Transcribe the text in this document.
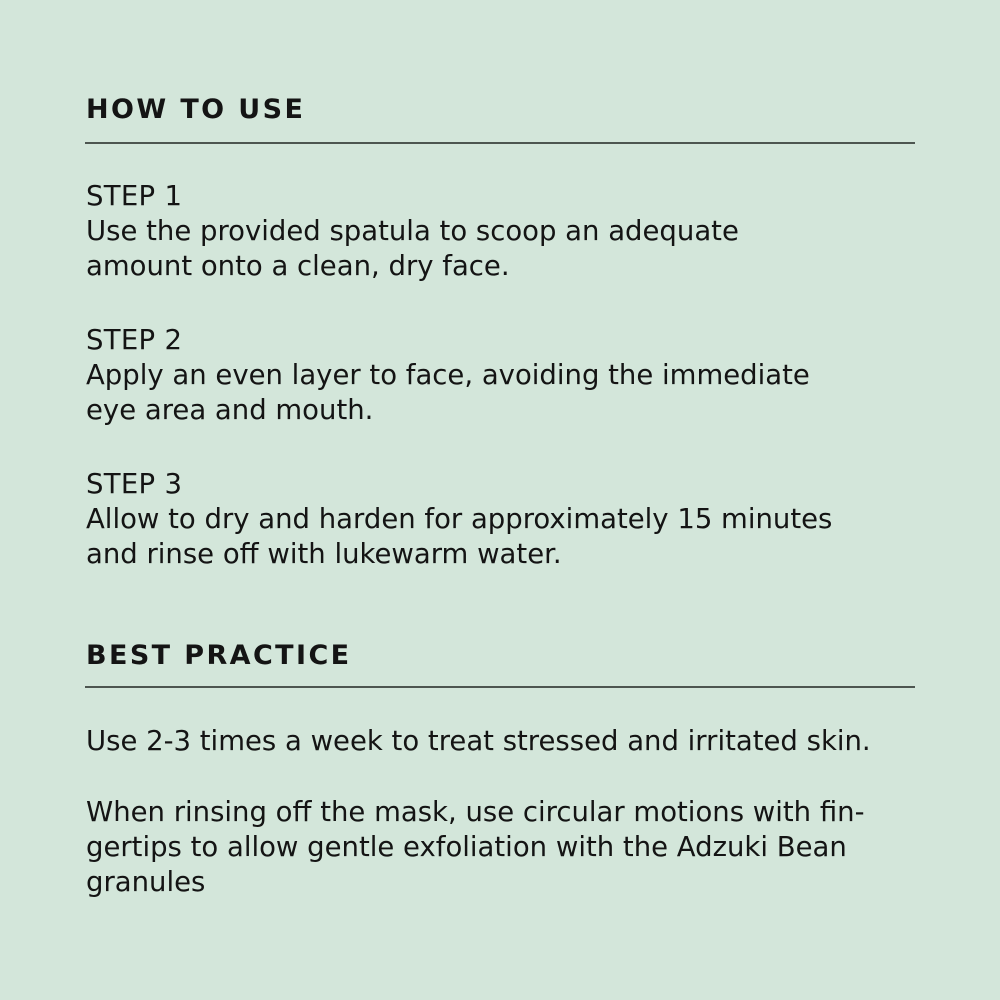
HOW TO USE
STEP 1
Use the provided spatula to scoop an adequate
amount onto a clean, dry face.
STEP 2
Apply an even layer to face, avoiding the immediate
eye area and mouth.
STEP 3
Allow to dry and harden for approximately 15 minutes
and rinse off with lukewarm water.
BEST PRACTICE
Use 2-3 times a week to treat stressed and irritated skin.
When rinsing off the mask, use circular motions with fin-
gertips to allow gentle exfoliation with the Adzuki Bean
granules
